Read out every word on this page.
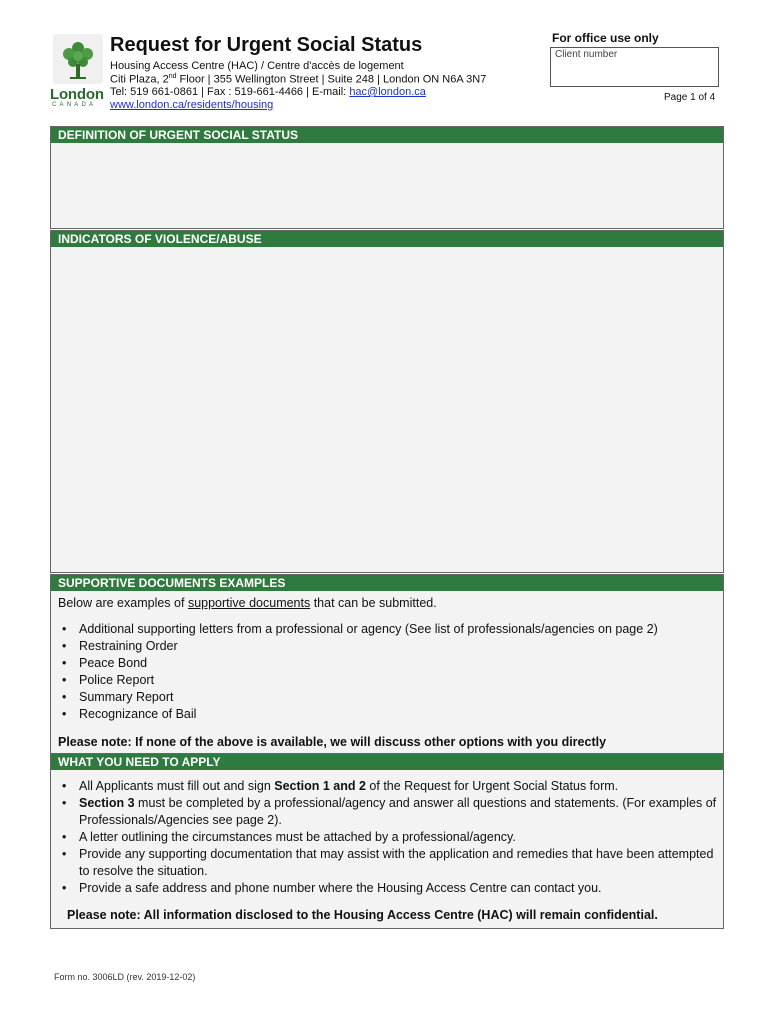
London
CANADA
Request for Urgent Social Status
Housing Access Centre (HAC) / Centre d'accès de logement
Citi Plaza, 2nd Floor | 355 Wellington Street | Suite 248 | London ON N6A 3N7
Tel: 519 661-0861 | Fax : 519-661-4466 | E-mail: hac@london.ca
www.london.ca/residents/housing
For office use only
Client number
Page 1 of 4
DEFINITION OF URGENT SOCIAL STATUS
INDICATORS OF VIOLENCE/ABUSE
SUPPORTIVE DOCUMENTS EXAMPLES
Below are examples of supportive documents that can be submitted.
• Additional supporting letters from a professional or agency (See list of professionals/agencies on page 2)
• Restraining Order
• Peace Bond
• Police Report
• Summary Report
• Recognizance of Bail
Please note: If none of the above is available, we will discuss other options with you directly
WHAT YOU NEED TO APPLY
• All Applicants must fill out and sign Section 1 and 2 of the Request for Urgent Social Status form.
• Section 3 must be completed by a professional/agency and answer all questions and statements. (For examples of Professionals/Agencies see page 2).
• A letter outlining the circumstances must be attached by a professional/agency.
• Provide any supporting documentation that may assist with the application and remedies that have been attempted to resolve the situation.
• Provide a safe address and phone number where the Housing Access Centre can contact you.
Please note: All information disclosed to the Housing Access Centre (HAC) will remain confidential.
Form no. 3006LD (rev. 2019-12-02)
